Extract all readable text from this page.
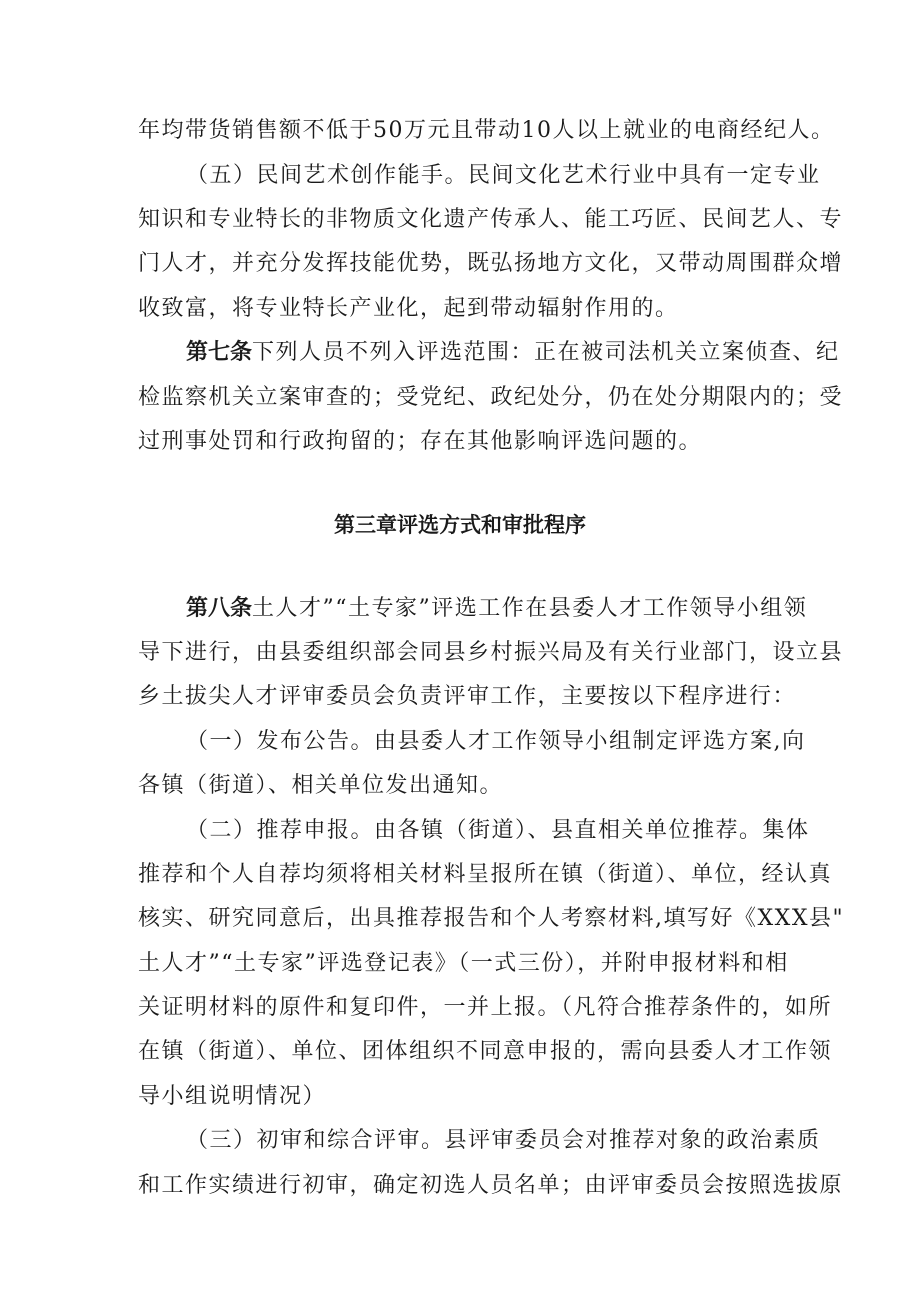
年均带货销售额不低于50万元且带动10人以上就业的电商经纪人。
（五）民间艺术创作能手。民间文化艺术行业中具有一定专业
知识和专业特长的非物质文化遗产传承人、能工巧匠、民间艺人、专
门人才，并充分发挥技能优势，既弘扬地方文化，又带动周围群众增
收致富，将专业特长产业化，起到带动辐射作用的。
第七条下列人员不列入评选范围：正在被司法机关立案侦查、纪
检监察机关立案审查的；受党纪、政纪处分，仍在处分期限内的；受
过刑事处罚和行政拘留的；存在其他影响评选问题的。
第三章评选方式和审批程序
第八条土人才”“土专家”评选工作在县委人才工作领导小组领
导下进行，由县委组织部会同县乡村振兴局及有关行业部门，设立县
乡土拔尖人才评审委员会负责评审工作，主要按以下程序进行：
（一）发布公告。由县委人才工作领导小组制定评选方案,向
各镇（街道）、相关单位发出通知。
（二）推荐申报。由各镇（街道）、县直相关单位推荐。集体
推荐和个人自荐均须将相关材料呈报所在镇（街道）、单位，经认真
核实、研究同意后，出具推荐报告和个人考察材料,填写好《XXX县"
土人才”“土专家”评选登记表》（一式三份），并附申报材料和相
关证明材料的原件和复印件，一并上报。（凡符合推荐条件的，如所
在镇（街道）、单位、团体组织不同意申报的，需向县委人才工作领
导小组说明情况）
（三）初审和综合评审。县评审委员会对推荐对象的政治素质
和工作实绩进行初审，确定初选人员名单；由评审委员会按照选拔原
